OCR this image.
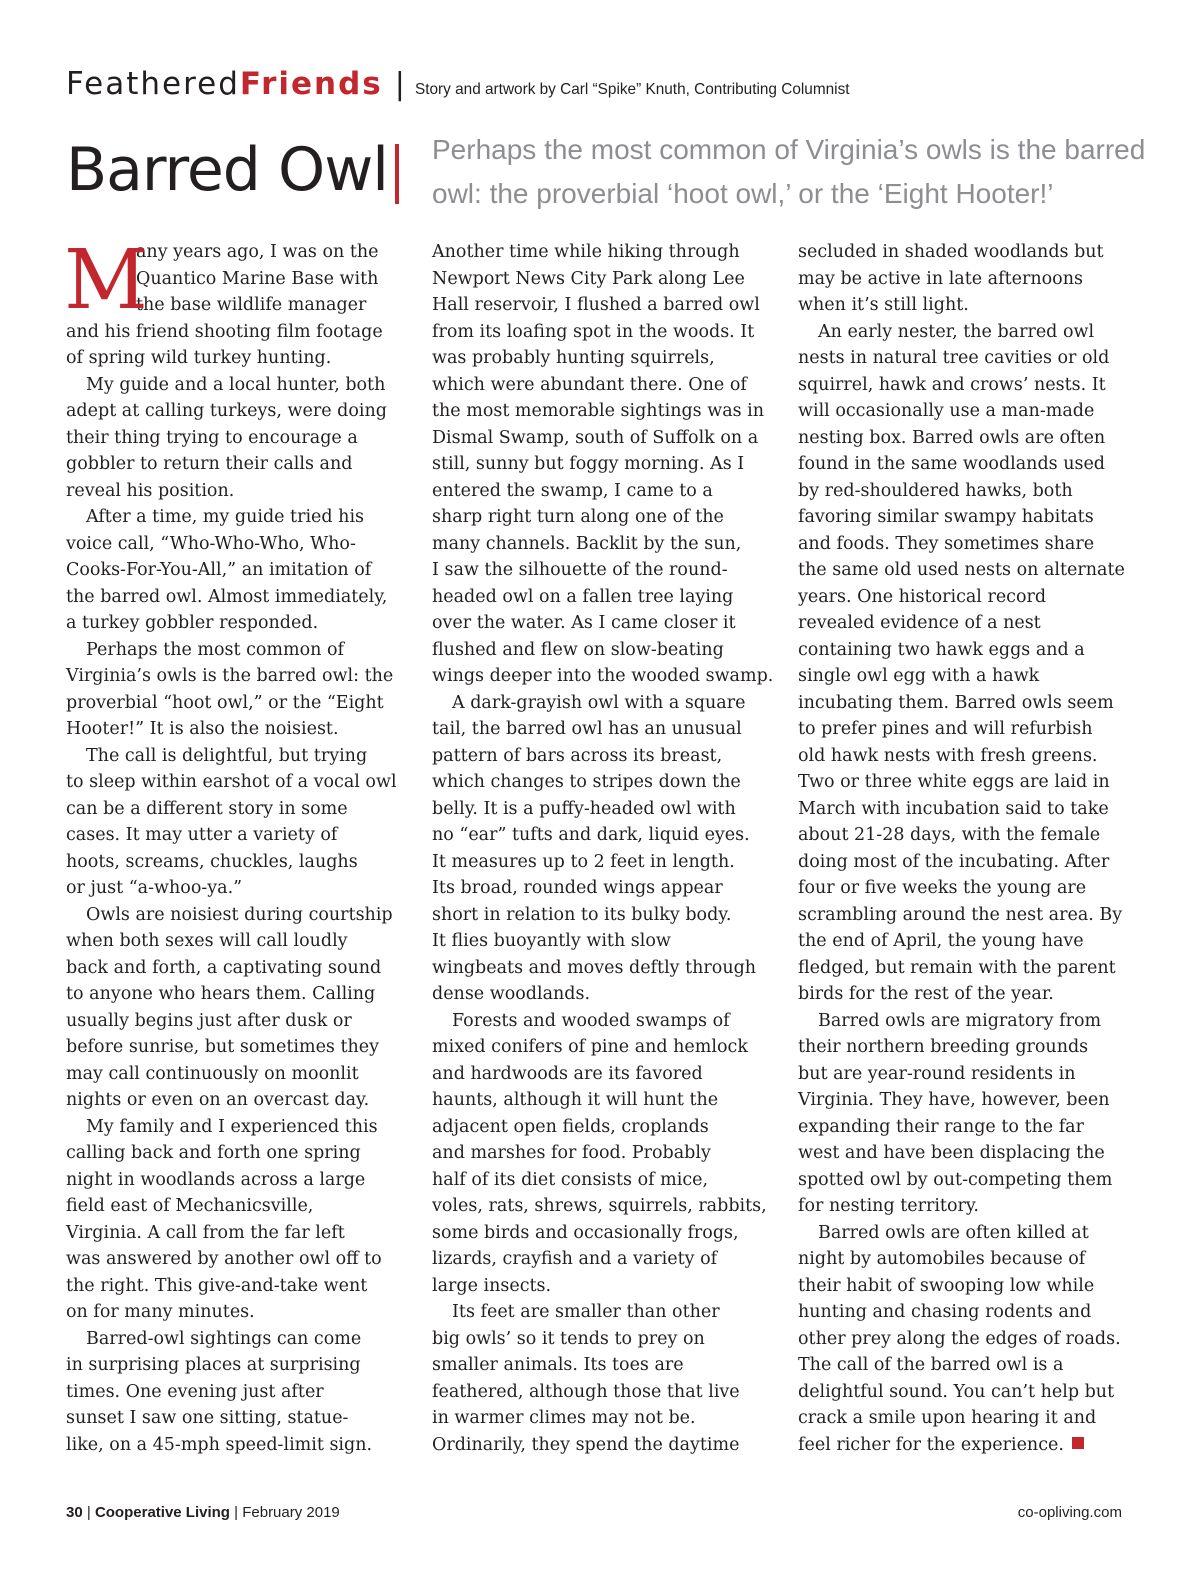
Feathered Friends | Story and artwork by Carl “Spike” Knuth, Contributing Columnist
Barred Owl Perhaps the most common of Virginia’s owls is the barred

owl: the proverbial ‘hoot owl,’ or the ‘Eight Hooter!’

M
any years ago, I was on the
Quantico Marine Base with
the base wildlife manager
and his friend shooting film footage
of spring wild turkey hunting.
My guide and a local hunter, both
adept at calling turkeys, were doing
their thing trying to encourage a
gobbler to return their calls and
reveal his position.
After a time, my guide tried his
voice call, “Who-Who-Who, Who-
Cooks-For-You-All,” an imitation of
the barred owl. Almost immediately,
a turkey gobbler responded.
Perhaps the most common of
Virginia’s owls is the barred owl: the
proverbial “hoot owl,” or the “Eight
Hooter!” It is also the noisiest.
The call is delightful, but trying
to sleep within earshot of a vocal owl
can be a different story in some
cases. It may utter a variety of
hoots, screams, chuckles, laughs
or just “a-whoo-ya.”
Owls are noisiest during courtship
when both sexes will call loudly
back and forth, a captivating sound
to anyone who hears them. Calling
usually begins just after dusk or
before sunrise, but sometimes they
may call continuously on moonlit
nights or even on an overcast day.
My family and I experienced this
calling back and forth one spring
night in woodlands across a large
field east of Mechanicsville,
Virginia. A call from the far left
was answered by another owl off to
the right. This give-and-take went
on for many minutes.
Barred-owl sightings can come
in surprising places at surprising
times. One evening just after
sunset I saw one sitting, statue-
like, on a 45-mph speed-limit sign.
Another time while hiking through
Newport News City Park along Lee
Hall reservoir, I flushed a barred owl
from its loafing spot in the woods. It
was probably hunting squirrels,
which were abundant there. One of
the most memorable sightings was in
Dismal Swamp, south of Suffolk on a
still, sunny but foggy morning. As I
entered the swamp, I came to a
sharp right turn along one of the
many channels. Backlit by the sun,
I saw the silhouette of the round-
headed owl on a fallen tree laying
over the water. As I came closer it
flushed and flew on slow-beating
wings deeper into the wooded swamp.
A dark-grayish owl with a square
tail, the barred owl has an unusual
pattern of bars across its breast,
which changes to stripes down the
belly. It is a puffy-headed owl with
no “ear” tufts and dark, liquid eyes.
It measures up to 2 feet in length.
Its broad, rounded wings appear
short in relation to its bulky body.
It flies buoyantly with slow
wingbeats and moves deftly through
dense woodlands.
Forests and wooded swamps of
mixed conifers of pine and hemlock
and hardwoods are its favored
haunts, although it will hunt the
adjacent open fields, croplands
and marshes for food. Probably
half of its diet consists of mice,
voles, rats, shrews, squirrels, rabbits,
some birds and occasionally frogs,
lizards, crayfish and a variety of
large insects.
Its feet are smaller than other
big owls’ so it tends to prey on
smaller animals. Its toes are
feathered, although those that live
in warmer climes may not be.
Ordinarily, they spend the daytime
secluded in shaded woodlands but
may be active in late afternoons
when it’s still light.
An early nester, the barred owl
nests in natural tree cavities or old
squirrel, hawk and crows’ nests. It
will occasionally use a man-made
nesting box. Barred owls are often
found in the same woodlands used
by red-shouldered hawks, both
favoring similar swampy habitats
and foods. They sometimes share
the same old used nests on alternate
years. One historical record
revealed evidence of a nest
containing two hawk eggs and a
single owl egg with a hawk
incubating them. Barred owls seem
to prefer pines and will refurbish
old hawk nests with fresh greens.
Two or three white eggs are laid in
March with incubation said to take
about 21-28 days, with the female
doing most of the incubating. After
four or five weeks the young are
scrambling around the nest area. By
the end of April, the young have
fledged, but remain with the parent
birds for the rest of the year.
Barred owls are migratory from
their northern breeding grounds
but are year-round residents in
Virginia. They have, however, been
expanding their range to the far
west and have been displacing the
spotted owl by out-competing them
for nesting territory.
Barred owls are often killed at
night by automobiles because of
their habit of swooping low while
hunting and chasing rodents and
other prey along the edges of roads.
The call of the barred owl is a
delightful sound. You can’t help but
crack a smile upon hearing it and
feel richer for the experience.
30 | Cooperative Living | February 2019	co-opliving.com
